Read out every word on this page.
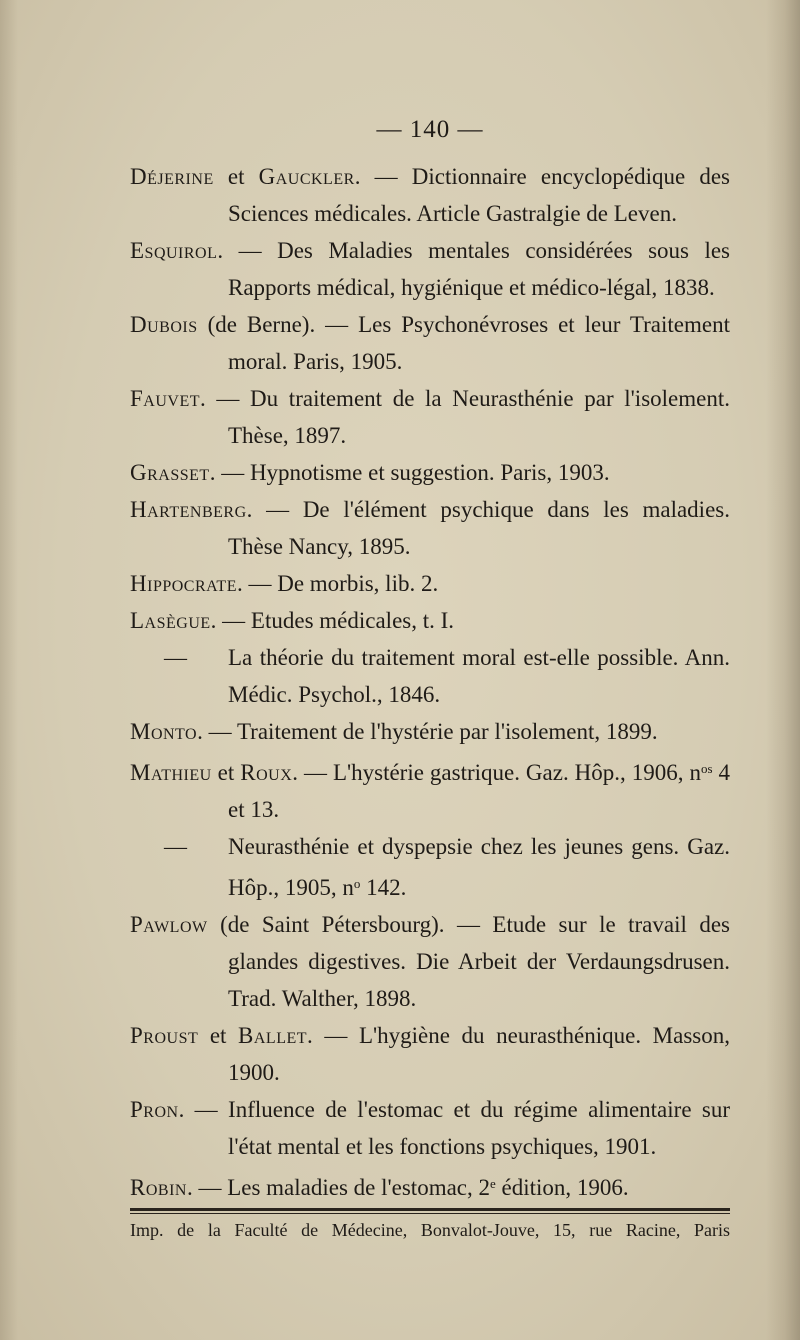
— 140 —
Déjerine et Gauckler. — Dictionnaire encyclopédique des Sciences médicales. Article Gastralgie de Leven.
Esquirol. — Des Maladies mentales considérées sous les Rapports médical, hygiénique et médico-légal, 1838.
Dubois (de Berne). — Les Psychonévroses et leur Traitement moral. Paris, 1905.
Fauvet. — Du traitement de la Neurasthénie par l'isolement. Thèse, 1897.
Grasset. — Hypnotisme et suggestion. Paris, 1903.
Hartenberg. — De l'élément psychique dans les maladies. Thèse Nancy, 1895.
Hippocrate. — De morbis, lib. 2.
Lasègue. — Etudes médicales, t. I.
— La théorie du traitement moral est-elle possible. Ann. Médic. Psychol., 1846.
Monto. — Traitement de l'hystérie par l'isolement, 1899.
Mathieu et Roux. — L'hystérie gastrique. Gaz. Hôp., 1906, $n^{os}$ 4 et 13.
— Neurasthénie et dyspepsie chez les jeunes gens. Gaz. Hôp., 1905, $n^o$ 142.
Pawlow (de Saint Pétersbourg). — Etude sur le travail des glandes digestives. Die Arbeit der Verdaungsdrusen. Trad. Walther, 1898.
Proust et Ballet. — L'hygiène du neurasthénique. Masson, 1900.
Pron. — Influence de l'estomac et du régime alimentaire sur l'état mental et les fonctions psychiques, 1901.
Robin. — Les maladies de l'estomac, 2e édition, 1906.
Imp. de la Faculté de Médecine, Bonvalot-Jouve, 15, rue Racine, Paris
